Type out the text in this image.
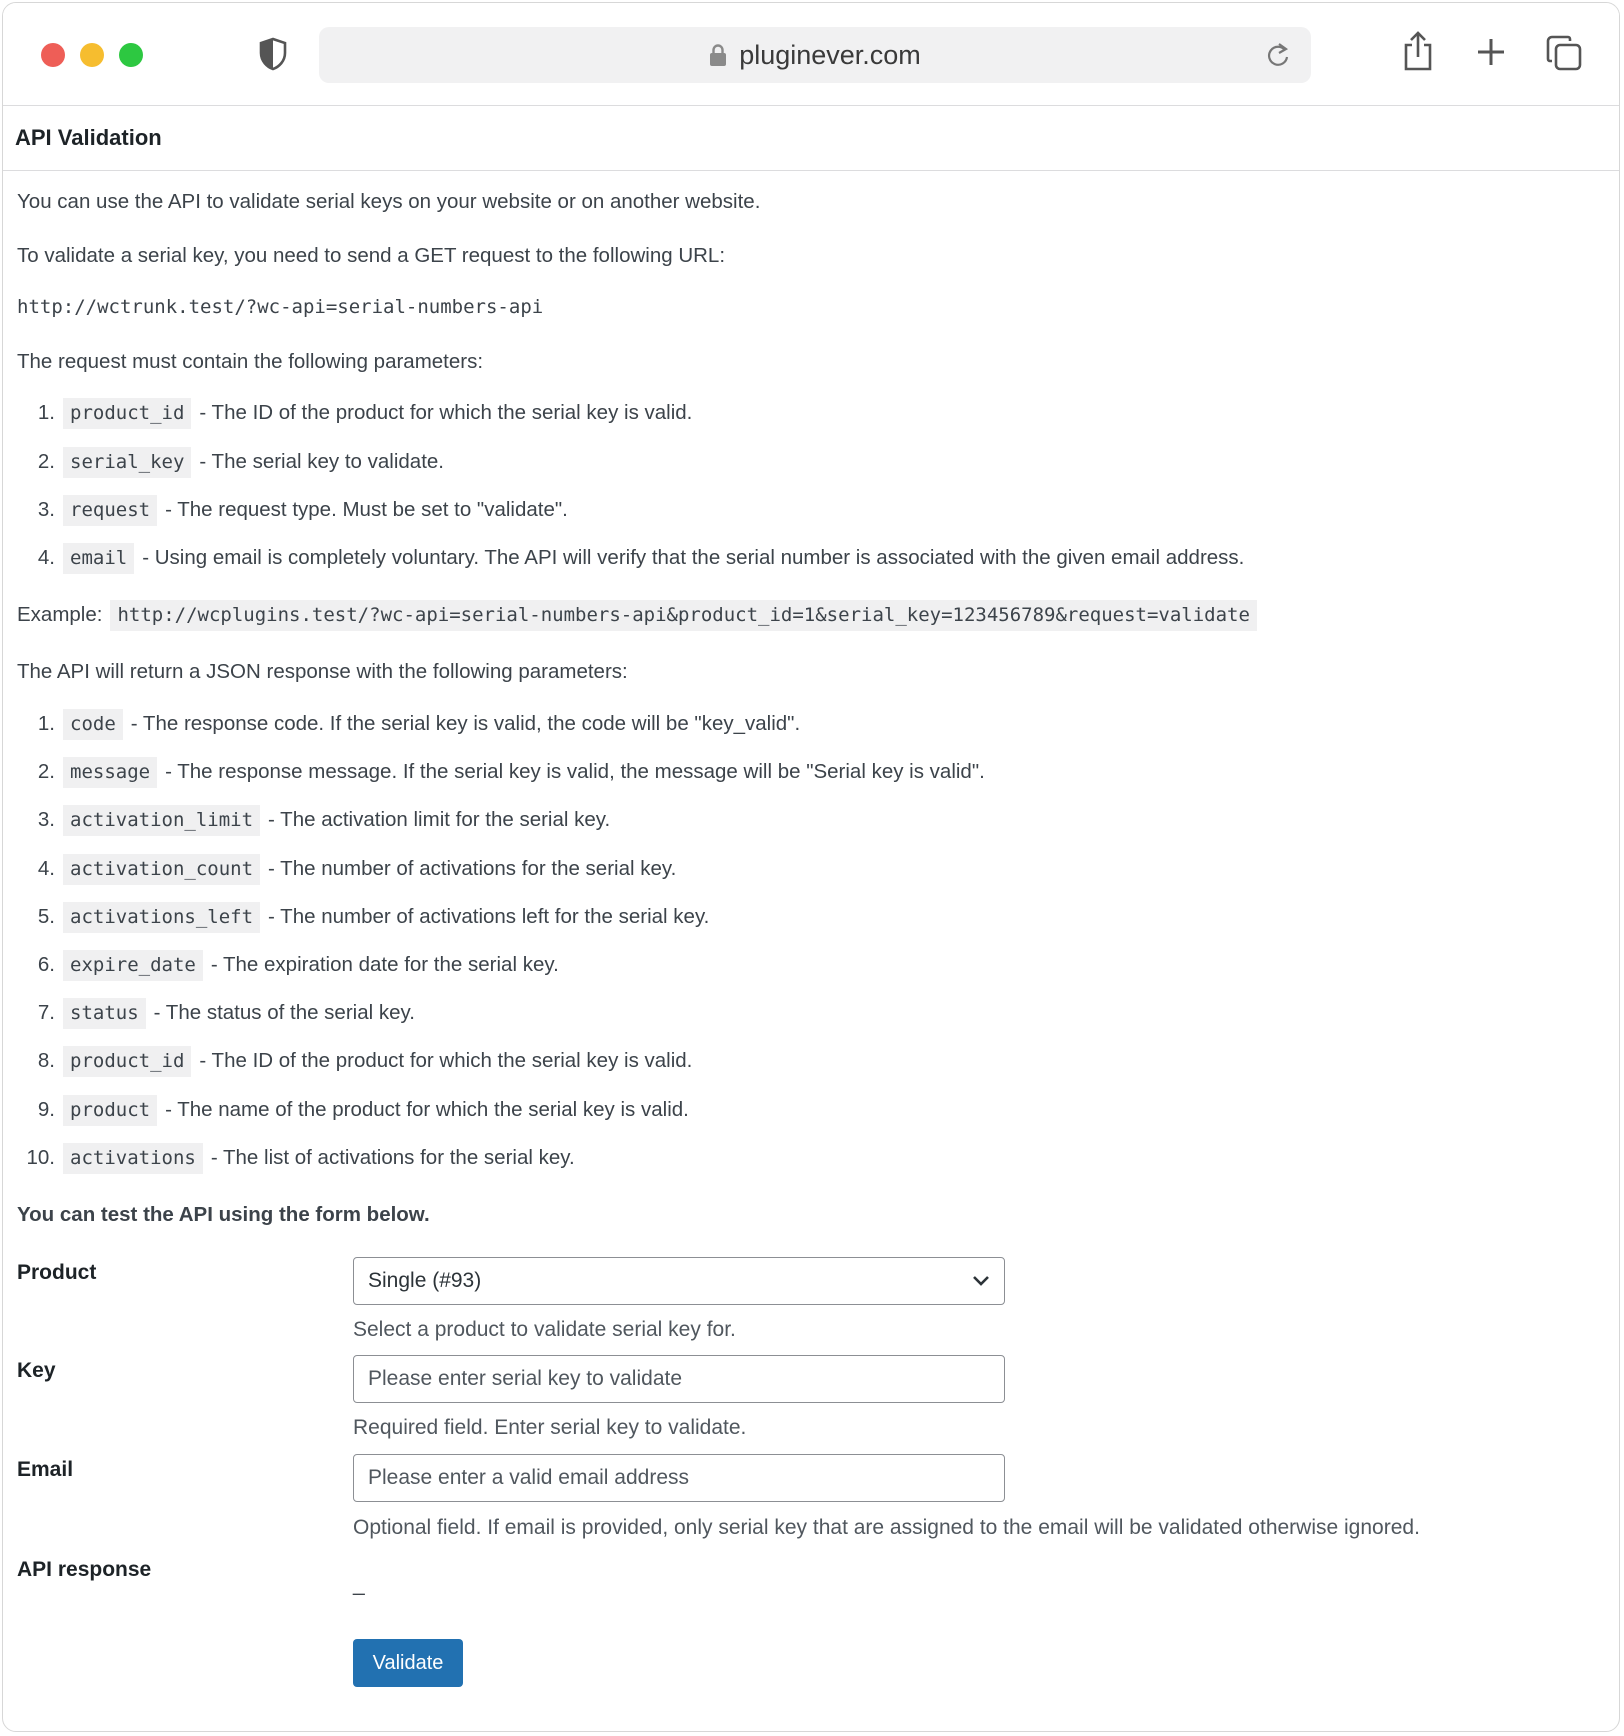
pluginever.com
API Validation

You can use the API to validate serial keys on your website or on another website.

To validate a serial key, you need to send a GET request to the following URL:

http://wctrunk.test/?wc-api=serial-numbers-api

The request must contain the following parameters:

1. product_id - The ID of the product for which the serial key is valid.
2. serial_key - The serial key to validate.
3. request - The request type. Must be set to "validate".
4. email - Using email is completely voluntary. The API will verify that the serial number is associated with the given email address.
Example: http://wcplugins.test/?wc-api=serial-numbers-api&product_id=1&serial_key=123456789&request=validate

The API will return a JSON response with the following parameters:

1. code - The response code. If the serial key is valid, the code will be "key_valid".
2. message - The response message. If the serial key is valid, the message will be "Serial key is valid".
3. activation_limit - The activation limit for the serial key.
4. activation_count - The number of activations for the serial key.
5. activations_left - The number of activations left for the serial key.
6. expire_date - The expiration date for the serial key.
7. status - The status of the serial key.
8. product_id - The ID of the product for which the serial key is valid.
9. product - The name of the product for which the serial key is valid.
10. activations - The list of activations for the serial key.

You can test the API using the form below.

Product	Single (#93)
Select a product to validate serial key for.
Key
Please enter serial key to validate
Required field. Enter serial key to validate.
Email
Please enter a valid email address
Optional field. If email is provided, only serial key that are assigned to the email will be validated otherwise ignored.
API response
_
Validate
